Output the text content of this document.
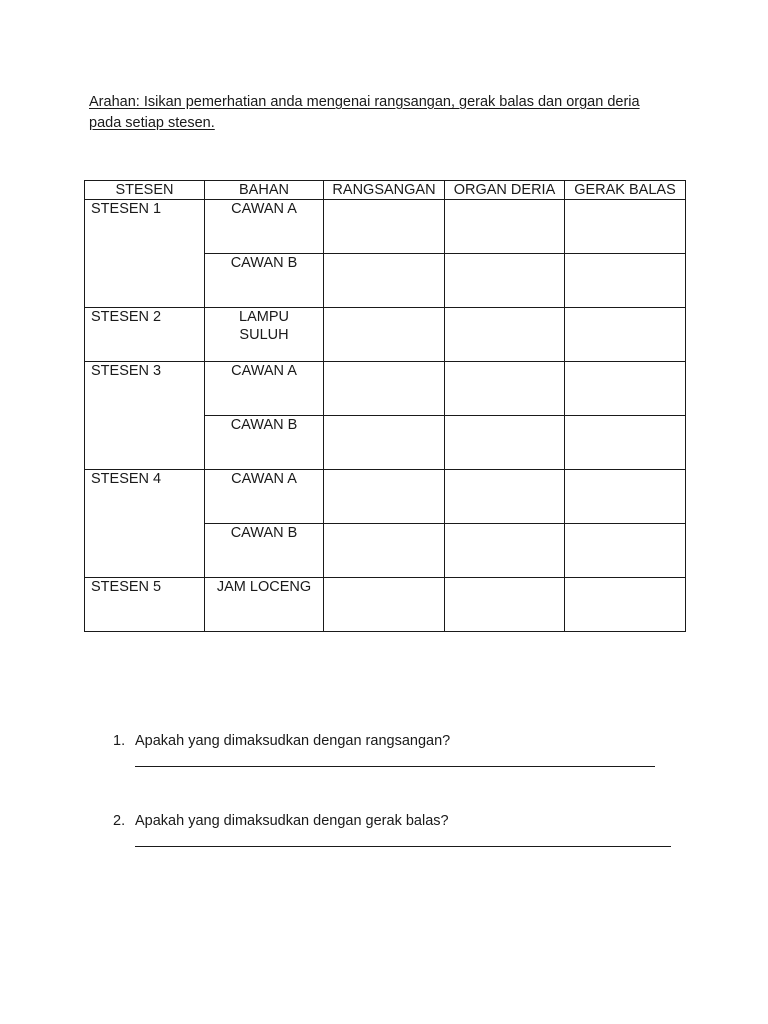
Arahan: Isikan pemerhatian anda mengenai rangsangan, gerak balas dan organ deria
pada setiap stesen.

STESEN	BAHAN	RANGSANGAN	ORGAN DERIA	GERAK BALAS
STESEN 1	CAWAN A			
	CAWAN B			
STESEN 2	LAMPU SULUH			

STESEN 3	CAWAN A			
	CAWAN B			
STESEN 4	CAWAN A			
	CAWAN B			
STESEN 5	JAM LOCENG			
1. Apakah yang dimaksudkan dengan rangsangan?
2. Apakah yang dimaksudkan dengan gerak balas?
